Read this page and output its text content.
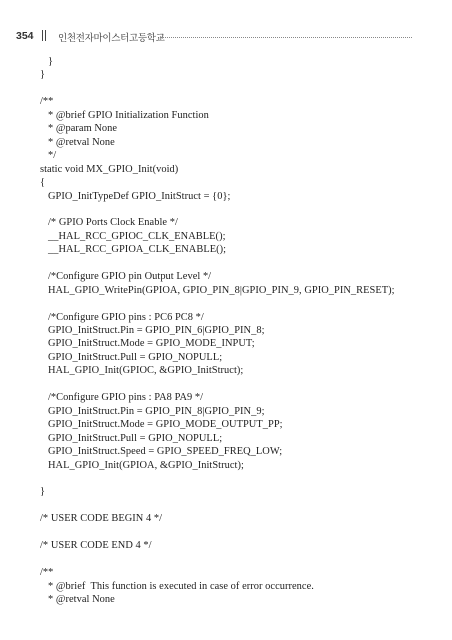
354	인천전자마이스터고등학교
}
}
/**
* @brief GPIO Initialization Function
* @param None
* @retval None
*/
static void MX_GPIO_Init(void)
{
GPIO_InitTypeDef GPIO_InitStruct = {0};
/* GPIO Ports Clock Enable */
__HAL_RCC_GPIOC_CLK_ENABLE();
__HAL_RCC_GPIOA_CLK_ENABLE();
/*Configure GPIO pin Output Level */
HAL_GPIO_WritePin(GPIOA, GPIO_PIN_8|GPIO_PIN_9, GPIO_PIN_RESET);
/*Configure GPIO pins : PC6 PC8 */
GPIO_InitStruct.Pin = GPIO_PIN_6|GPIO_PIN_8;
GPIO_InitStruct.Mode = GPIO_MODE_INPUT;
GPIO_InitStruct.Pull = GPIO_NOPULL;
HAL_GPIO_Init(GPIOC, &GPIO_InitStruct);
/*Configure GPIO pins : PA8 PA9 */
GPIO_InitStruct.Pin = GPIO_PIN_8|GPIO_PIN_9;
GPIO_InitStruct.Mode = GPIO_MODE_OUTPUT_PP;
GPIO_InitStruct.Pull = GPIO_NOPULL;
GPIO_InitStruct.Speed = GPIO_SPEED_FREQ_LOW;
HAL_GPIO_Init(GPIOA, &GPIO_InitStruct);
}
/* USER CODE BEGIN 4 */
/* USER CODE END 4 */
/**
* @brief  This function is executed in case of error occurrence.
* @retval None
